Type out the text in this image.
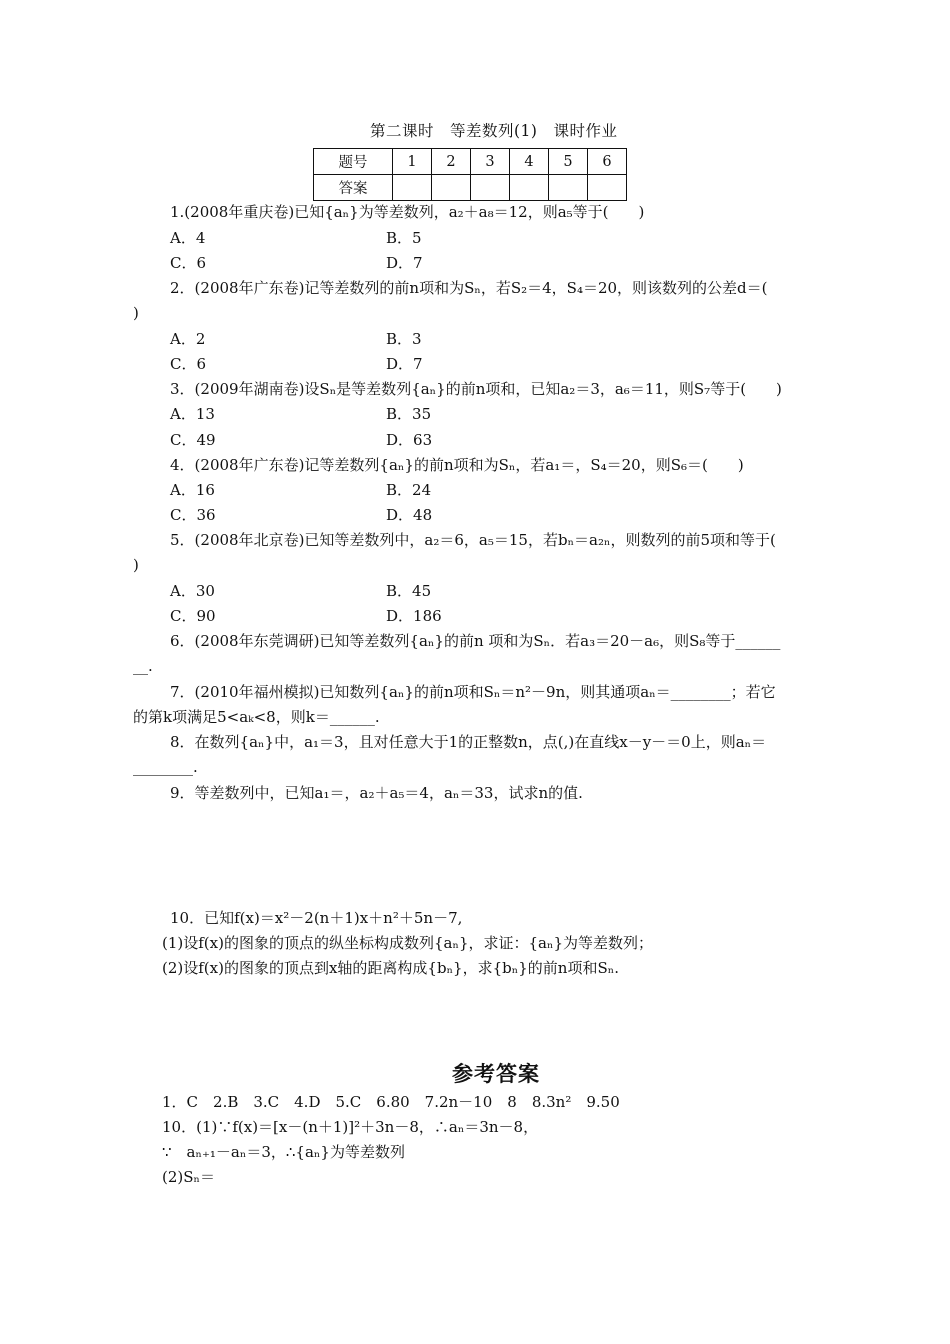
第二课时　等差数列(1)　课时作业
题号	1	2	3	4	5	6
答案						
1.(2008年重庆卷)已知{aₙ}为等差数列，a₂＋a₈＝12，则a₅等于(　　)
A．4	B．5
C．6	D．7
2．(2008年广东卷)记等差数列的前n项和为Sₙ，若S₂＝4，S₄＝20，则该数列的公差d＝(
)
A．2	B．3
C．6	D．7
3．(2009年湖南卷)设Sₙ是等差数列{aₙ}的前n项和，已知a₂＝3，a₆＝11，则S₇等于(　　)
A．13	B．35
C．49	D．63
4．(2008年广东卷)记等差数列{aₙ}的前n项和为Sₙ，若a₁＝，S₄＝20，则S₆＝(　　)
A．16	B．24
C．36	D．48
5．(2008年北京卷)已知等差数列中，a₂＝6，a₅＝15，若bₙ＝a₂ₙ，则数列的前5项和等于(
)
A．30	B．45
C．90	D．186
6．(2008年东莞调研)已知等差数列{aₙ}的前n 项和为Sₙ．若a₃＝20－a₆，则S₈等于______
__.
7．(2010年福州模拟)已知数列{aₙ}的前n项和Sₙ＝n²－9n，则其通项aₙ＝________；若它
的第k项满足5<aₖ<8，则k＝______.
8．在数列{aₙ}中，a₁＝3，且对任意大于1的正整数n，点(,)在直线x－y－＝0上，则aₙ＝
________.
9．等差数列中，已知a₁＝，a₂＋a₅＝4，aₙ＝33，试求n的值.
10．已知f(x)＝x²－2(n＋1)x＋n²＋5n－7,
(1)设f(x)的图象的顶点的纵坐标构成数列{aₙ}，求证：{aₙ}为等差数列；
(2)设f(x)的图象的顶点到x轴的距离构成{bₙ}，求{bₙ}的前n项和Sₙ.
参考答案
1．C　2.B　3.C　4.D　5.C　6.80　7.2n－10　8　8.3n²　9.50
10．(1)∵f(x)＝[x－(n＋1)]²＋3n－8，∴aₙ＝3n－8，
∵　aₙ₊₁－aₙ＝3，∴{aₙ}为等差数列
(2)Sₙ＝
